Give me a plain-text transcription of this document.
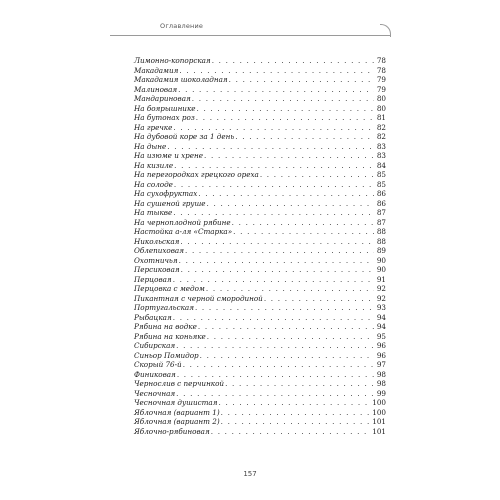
Оглавление
Лимонно-копорская . . .	78
Макадамия . . .	78
Макадамия шоколадная . . .	79
Малиновая . . .	79
Мандариновая . . .	80
На боярышнике . . .	80
На бутонах роз . . .	81
На гречке . . .	82
На дубовой коре за 1 день . . .	82
На дыне . . .	83
На изюме и хрене . . .	83
На кизиле . . .	84
На перегородках грецкого ореха . . .	85
На солоде . . .	85
На сухофруктах . . .	86
На сушеной груше . . .	86
На тыкве . . .	87
На черноплодной рябине . . .	87
Настойка а-ля «Старка» . . .	88
Никольская . . .	88
Облепиховая . . .	89
Охотничья . . .	90
Персиковая . . .	90
Перцовая . . .	91
Перцовка с медом . . .	92
Пикантная с черной смородиной . . .	92
Португальская . . .	93
Рыбацкая . . .	94
Рябина на водке . . .	94
Рябина на коньяке . . .	95
Сибирская . . .	96
Синьор Помидор . . .	96
Скорый 76-й . . .	97
Финиковая . . .	98
Чернослив с перчинкой . . .	98
Чесночная . . .	99
Чесночная душистая . . .	100
Яблочная (вариант 1) . . .	100
Яблочная (вариант 2) . . .	101
Яблочно-рябиновая . . .	101
157
